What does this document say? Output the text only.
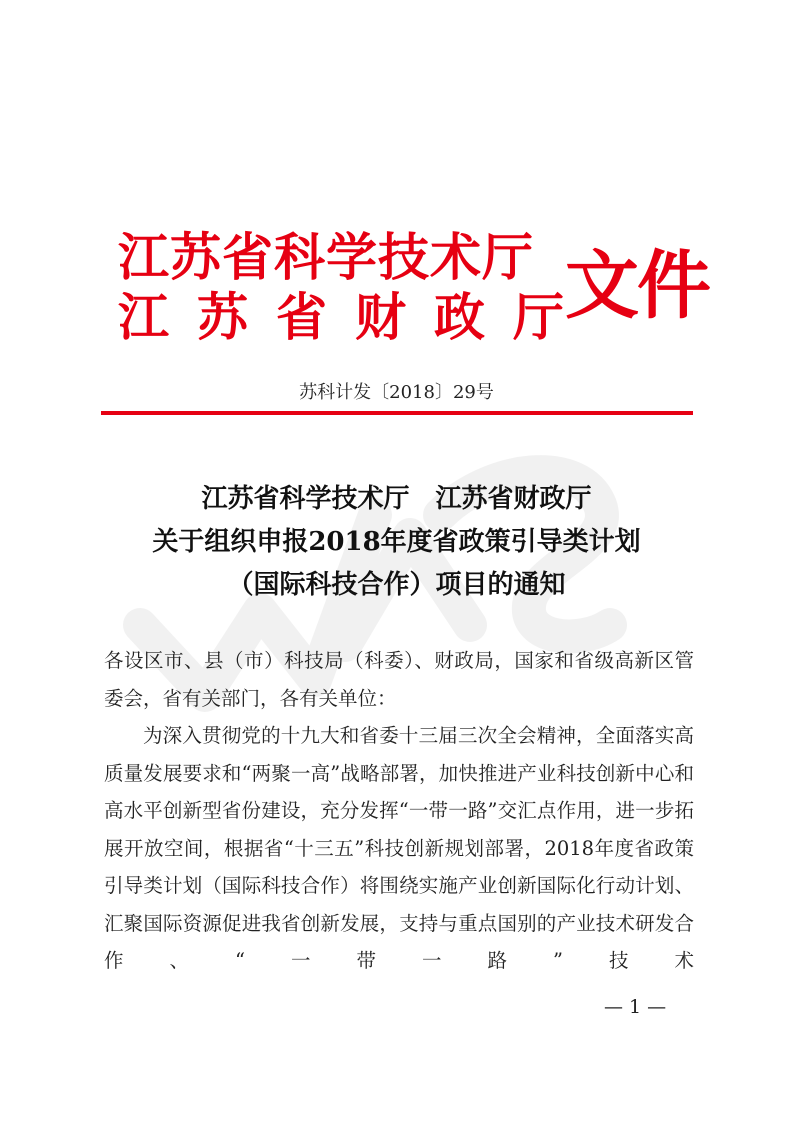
江苏省科学技术厅
江苏省财政厅
文件
苏科计发〔2018〕29号
江苏省科学技术厅　江苏省财政厅
关于组织申报2018年度省政策引导类计划
（国际科技合作）项目的通知

各设区市、县（市）科技局（科委）、财政局，国家和省级高新区管委会，省有关部门，各有关单位：

为深入贯彻党的十九大和省委十三届三次全会精神，全面落实高质量发展要求和“两聚一高”战略部署，加快推进产业科技创新中心和高水平创新型省份建设，充分发挥“一带一路”交汇点作用，进一步拓展开放空间，根据省“十三五”科技创新规划部署，2018年度省政策引导类计划（国际科技合作）将围绕实施产业创新国际化行动计划、汇聚国际资源促进我省创新发展，支持与重点国别的产业技术研发合作、“一带一路”技术

— 1 —
